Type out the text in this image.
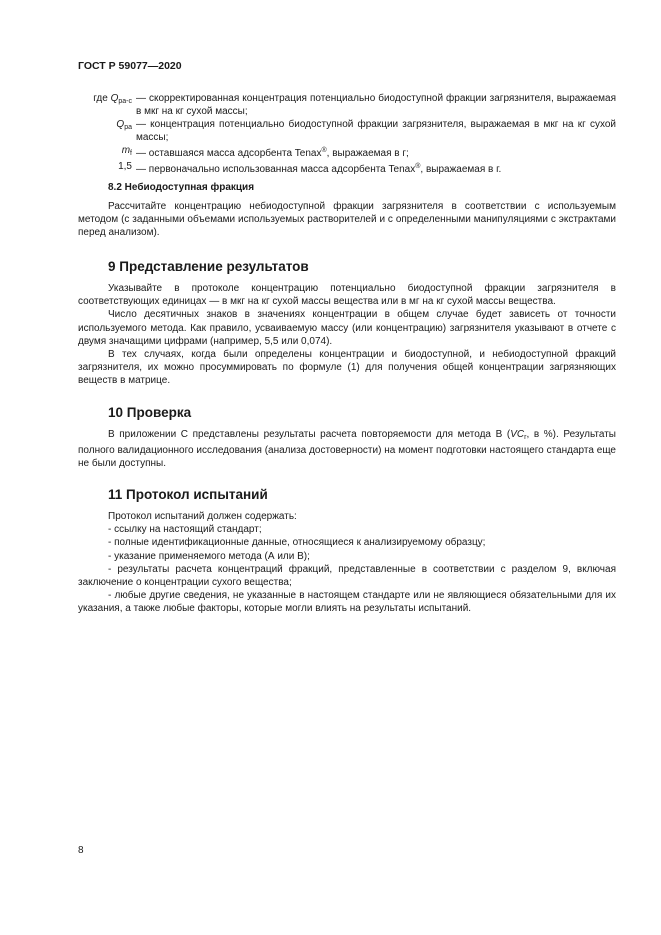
ГОСТ Р 59077—2020
где $Q_{ра-с}$ — скорректированная концентрация потенциально биодоступной фракции загрязнителя, выражаемая в мкг на кг сухой массы;
$Q_{ра}$ — концентрация потенциально биодоступной фракции загрязнителя, выражаемая в мкг на кг сухой массы;
$m_f$ — оставшаяся масса адсорбента Tenax®, выражаемая в г;
1,5 — первоначально использованная масса адсорбента Tenax®, выражаемая в г.
8.2 Небиодоступная фракция

Рассчитайте концентрацию небиодоступной фракции загрязнителя в соответствии с используемым методом (с заданными объемами используемых растворителей и с определенными манипуляциями с экстрактами перед анализом).

9 Представление результатов

Указывайте в протоколе концентрацию потенциально биодоступной фракции загрязнителя в соответствующих единицах — в мкг на кг сухой массы вещества или в мг на кг сухой массы вещества.

Число десятичных знаков в значениях концентрации в общем случае будет зависеть от точности используемого метода. Как правило, усваиваемую массу (или концентрацию) загрязнителя указывают в отчете с двумя значащими цифрами (например, 5,5 или 0,074).

В тех случаях, когда были определены концентрации и биодоступной, и небиодоступной фракций загрязнителя, их можно просуммировать по формуле (1) для получения общей концентрации загрязняющих веществ в матрице.

10 Проверка

В приложении С представлены результаты расчета повторяемости для метода В ($VC_r$, в %). Результаты полного валидационного исследования (анализа достоверности) на момент подготовки настоящего стандарта еще не были доступны.

11 Протокол испытаний

Протокол испытаний должен содержать:

- ссылку на настоящий стандарт;

- полные идентификационные данные, относящиеся к анализируемому образцу;

- указание применяемого метода (А или В);

- результаты расчета концентраций фракций, представленные в соответствии с разделом 9, включая заключение о концентрации сухого вещества;

- любые другие сведения, не указанные в настоящем стандарте или не являющиеся обязательными для их указания, а также любые факторы, которые могли влиять на результаты испытаний.

8
